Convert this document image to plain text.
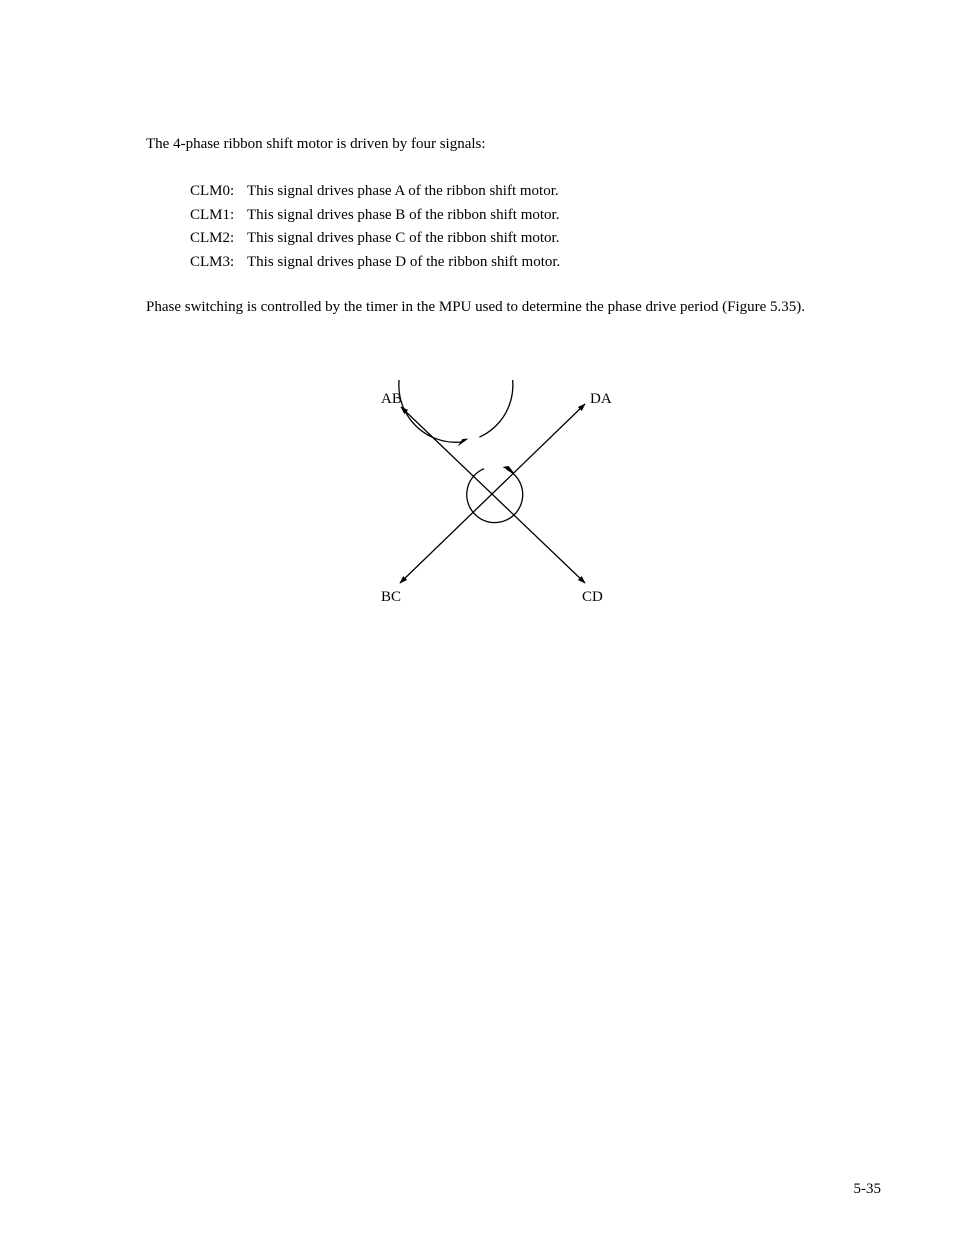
The 4-phase ribbon shift motor is driven by four signals:

CLM0: This signal drives phase A of the ribbon shift motor.
CLM1: This signal drives phase B of the ribbon shift motor.
CLM2: This signal drives phase C of the ribbon shift motor.
CLM3: This signal drives phase D of the ribbon shift motor.

Phase switching is controlled by the timer in the MPU used to determine the phase drive period (Figure 5.35).

AB	DA
BC	CD

5-35
